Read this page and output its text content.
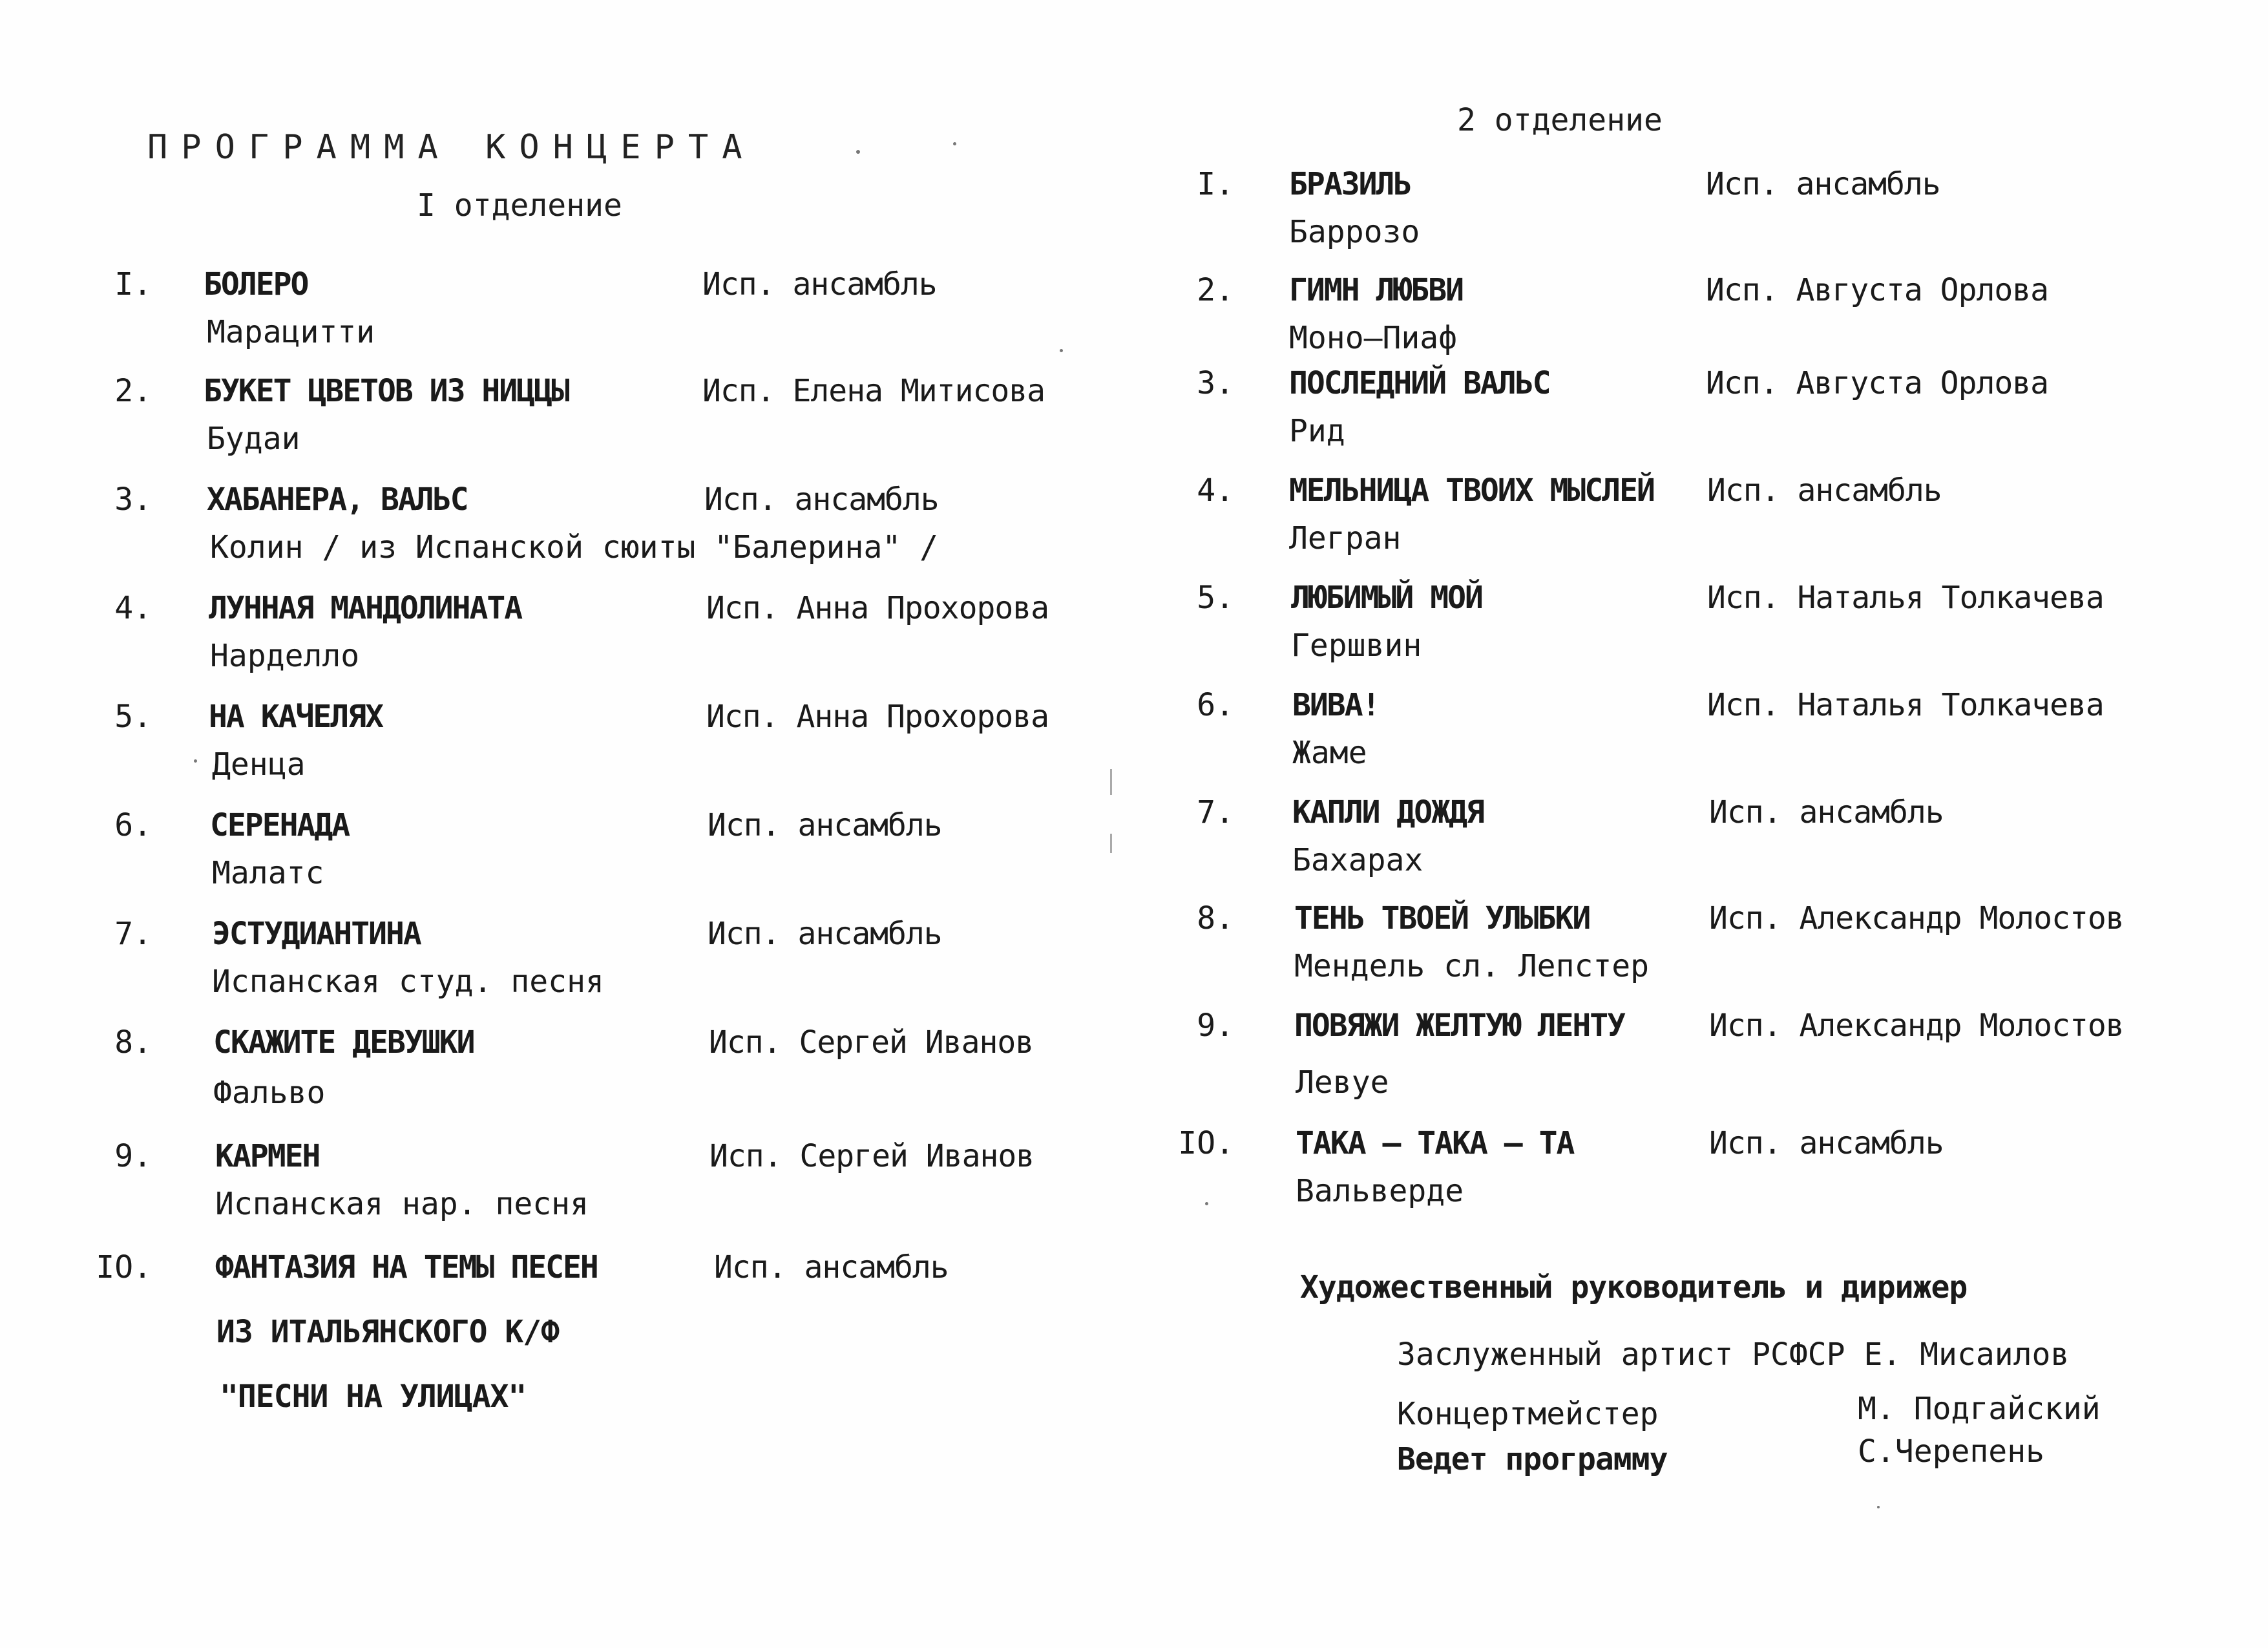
ПРОГРАММА КОНЦЕРТА
I отделение
I. БОЛЕРО
Марацитти
Исп. ансамбль
2. БУКЕТ ЦВЕТОВ ИЗ НИЦЦЫ
Будаи
Исп. Елена Митисова
3. ХАБАНЕРА, ВАЛЬС
Колин / из Испанской сюиты "Балерина" /
Исп. ансамбль
4. ЛУННАЯ МАНДОЛИНАТА
Нарделло
Исп. Анна Прохорова
5. НА КАЧЕЛЯХ
Денца
Исп. Анна Прохорова
6. СЕРЕНАДА
Малатс
Исп. ансамбль
7. ЭСТУДИАНТИНА
Испанская студ. песня
Исп. ансамбль
8. СКАЖИТЕ ДЕВУШКИ
Фальво
Исп. Сергей Иванов
9. КАРМЕН
Испанская нар. песня
Исп. Сергей Иванов
IO. ФАНТАЗИЯ НА ТЕМЫ ПЕСЕН
ИЗ ИТАЛЬЯНСКОГО К/Ф
"ПЕСНИ НА УЛИЦАХ"
Исп. ансамбль
2 отделение
I. БРАЗИЛЬ
Баррозо
Исп. ансамбль
2. ГИМН ЛЮБВИ
Моно—Пиаф
Исп. Августа Орлова
3. ПОСЛЕДНИЙ ВАЛЬС
Рид
Исп. Августа Орлова
4. МЕЛЬНИЦА ТВОИХ МЫСЛЕЙ
Легран
Исп. ансамбль
5. ЛЮБИМЫЙ МОЙ
Гершвин
Исп. Наталья Толкачева
6. ВИВА!
Жаме
Исп. Наталья Толкачева
7. КАПЛИ ДОЖДЯ
Бахарах
Исп. ансамбль
8. ТЕНЬ ТВОЕЙ УЛЫБКИ
Мендель сл. Лепстер
Исп. Александр Молостов
9. ПОВЯЖИ ЖЕЛТУЮ ЛЕНТУ
Левуе
Исп. Александр Молостов
IO. ТАКА — ТАКА — ТА
Вальверде
Исп. ансамбль
Художественный руководитель и дирижер
Заслуженный артист РСФСР Е. Мисаилов
Концертмейстер	М. Подгайский
Ведет программу	С.Черепень
